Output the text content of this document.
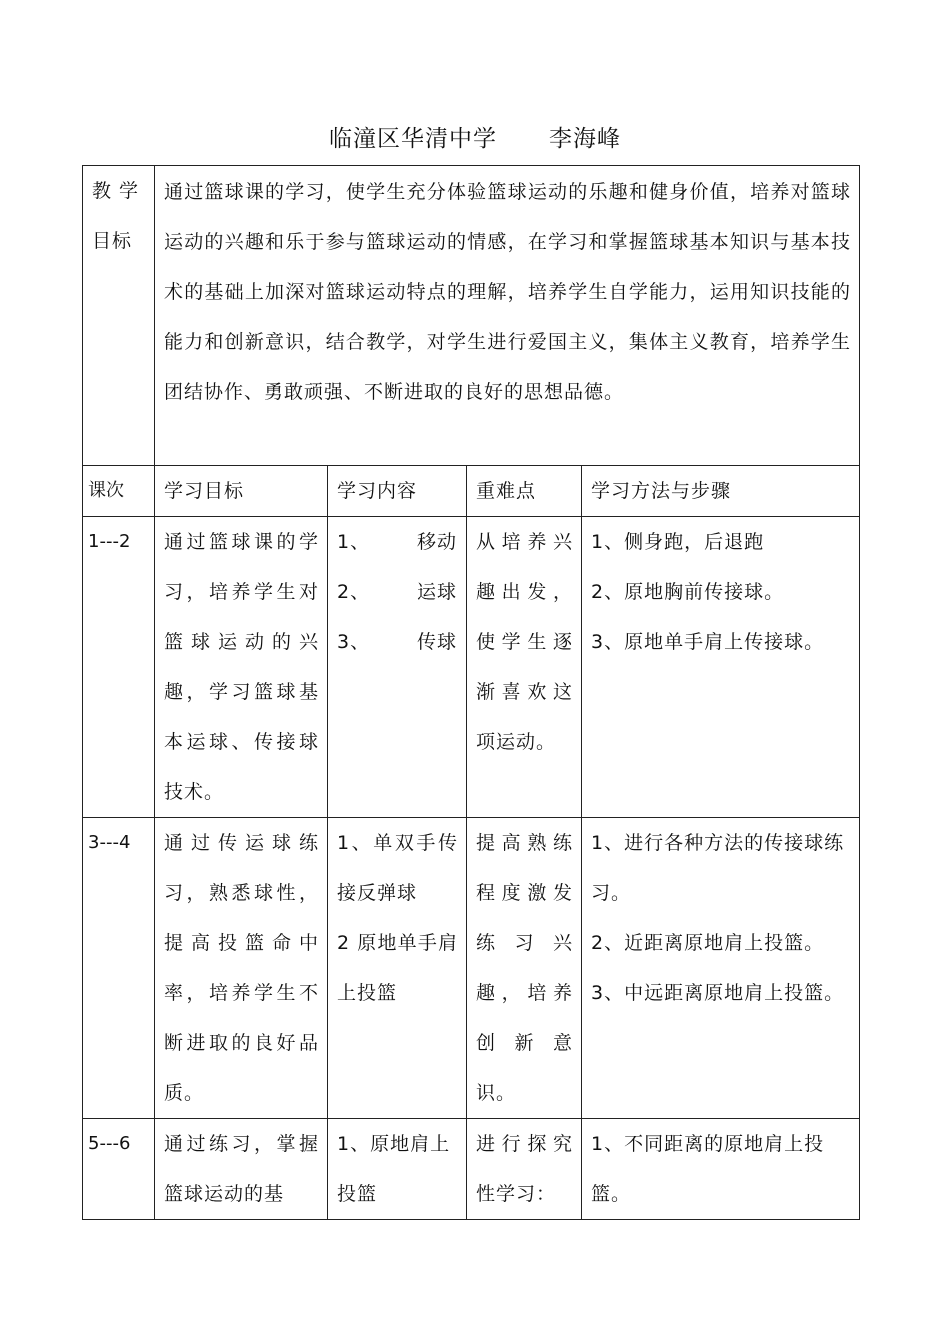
临潼区华清中学 李海峰
教 学
目标	通过篮球课的学习，使学生充分体验篮球运动的乐趣和健身价值，培养对篮球运动的兴趣和乐于参与篮球运动的情感，在学习和掌握篮球基本知识与基本技术的基础上加深对篮球运动特点的理解，培养学生自学能力，运用知识技能的能力和创新意识，结合教学，对学生进行爱国主义，集体主义教育，培养学生团结协作、勇敢顽强、不断进取的良好的思想品德。			
课次	学习目标	学习内容	重难点	学习方法与步骤
1---2	通过篮球课的学习，培养学生对篮球运动的兴趣，学习篮球基本运球、传接球技术。	1、 移动
2、 运球
3、 传球	从培养兴趣出发，使学生逐渐喜欢这项运动。	1、侧身跑，后退跑
2、原地胸前传接球。
3、原地单手肩上传接球。

3---4	通过传运球练习，熟悉球性，提高投篮命中率，培养学生不断进取的良好品质。	1、单双手传接反弹球
2 原地单手肩上投篮	提高熟练程度激发练习兴趣，培养创新意识。	1、进行各种方法的传接球练习。
2、近距离原地肩上投篮。
3、中远距离原地肩上投篮。

5---6	通过练习，掌握篮球运动的基	1、原地肩上投篮	进行探究性学习：	1、不同距离的原地肩上投篮。
